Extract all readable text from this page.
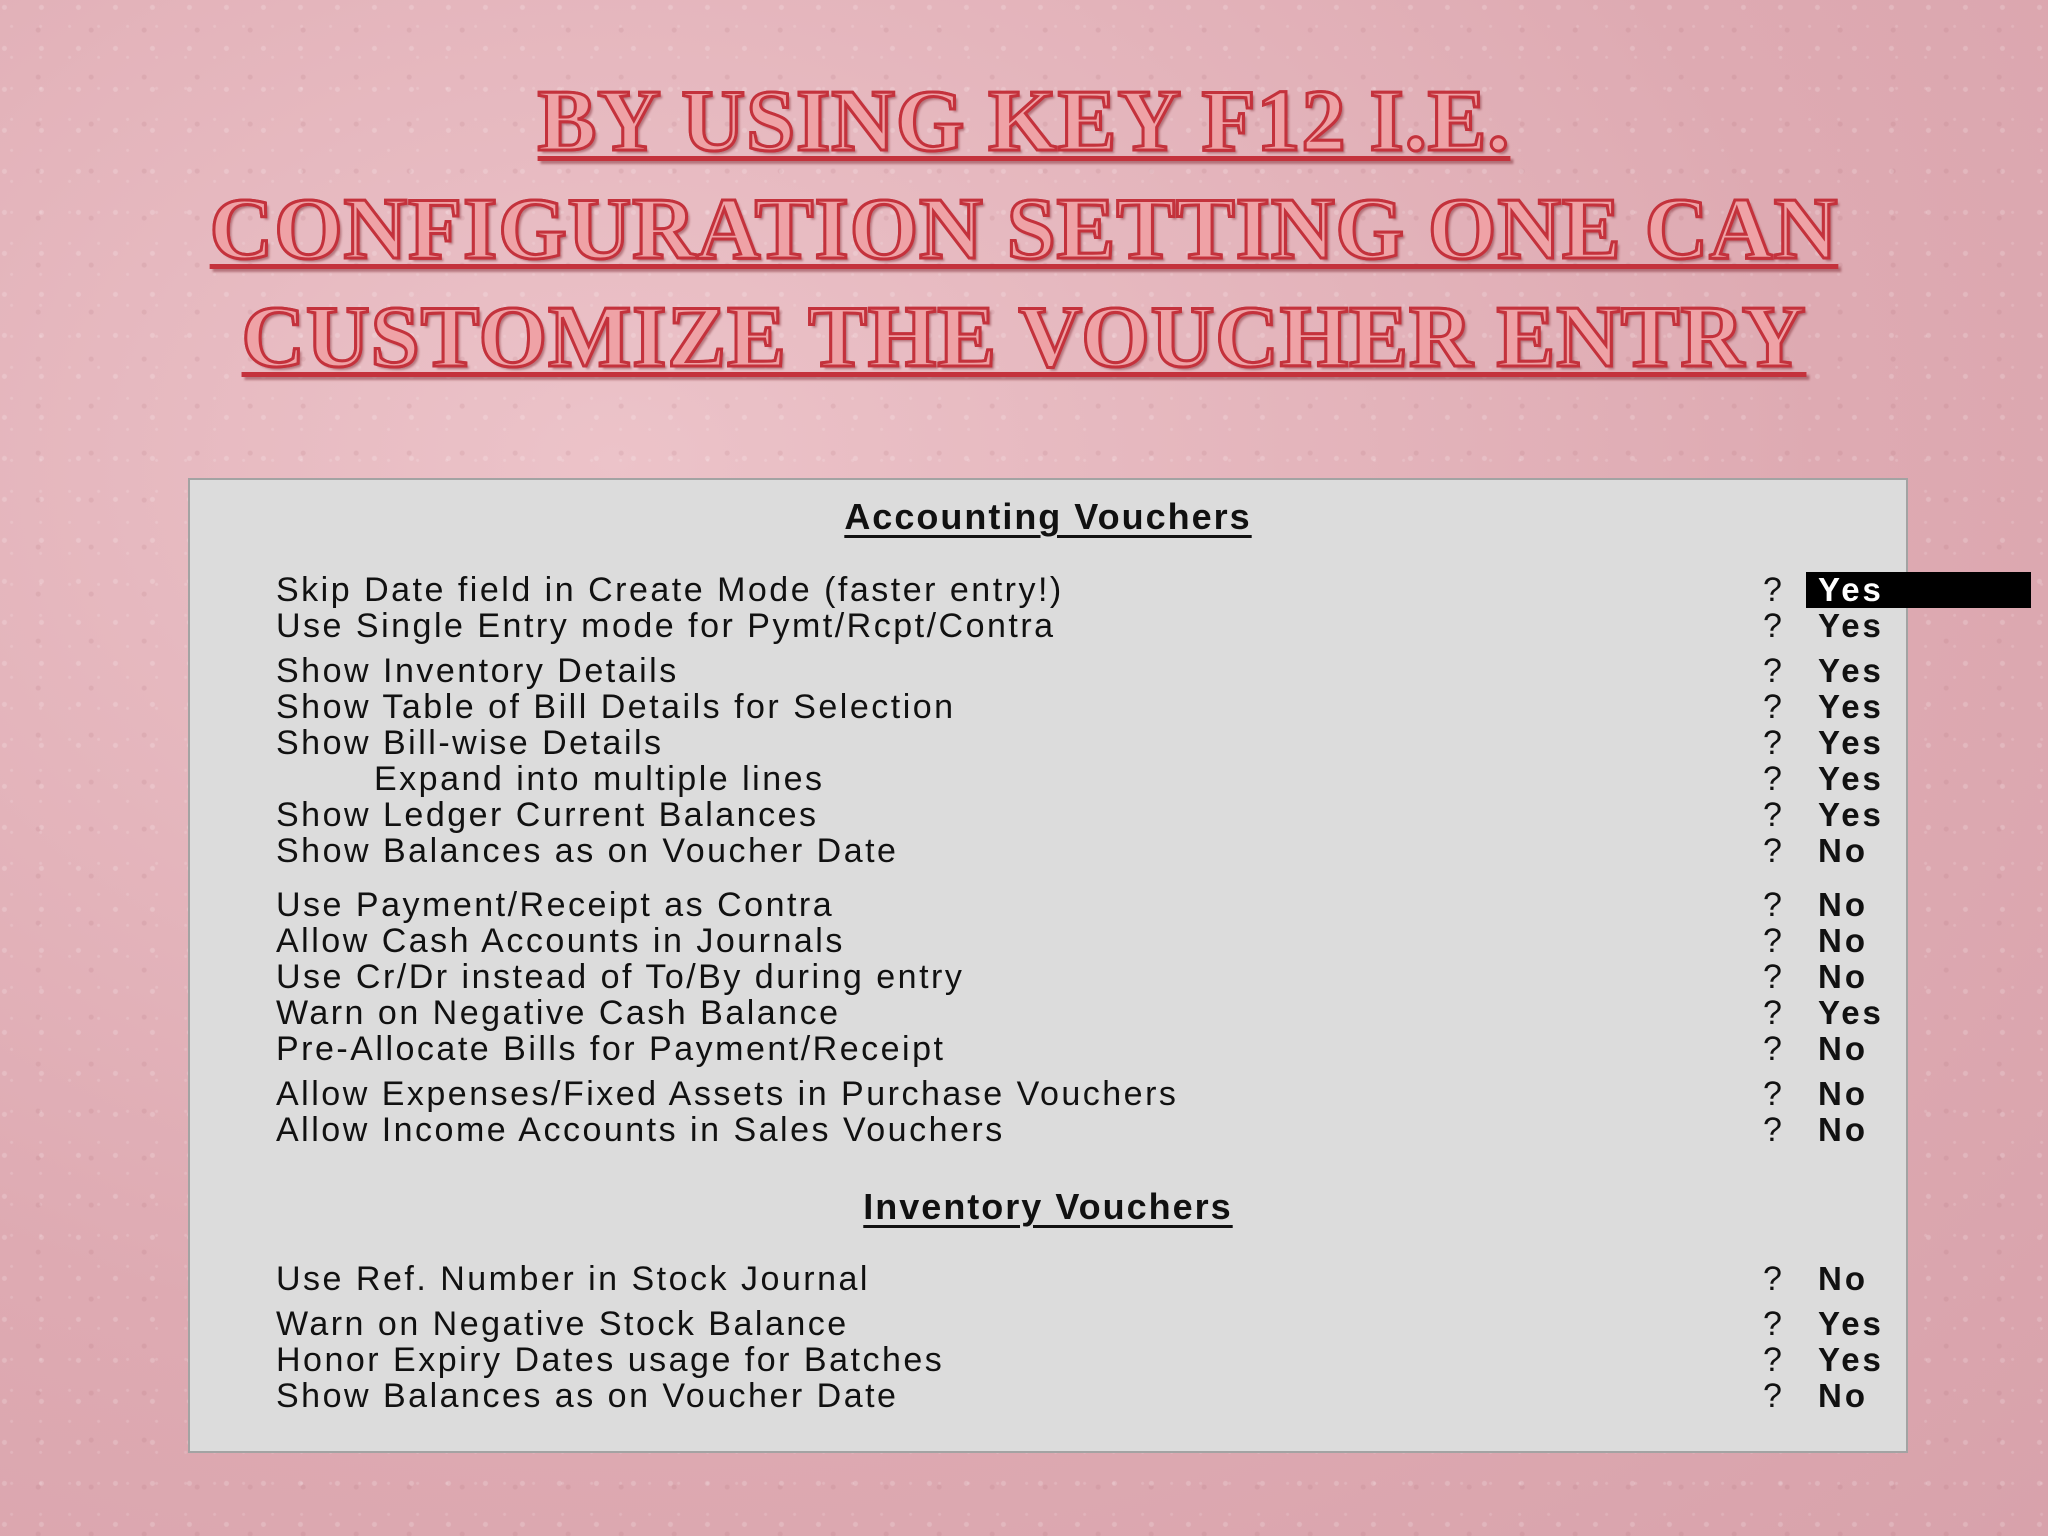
BY USING KEY F12 I.E.
CONFIGURATION SETTING ONE CAN
CUSTOMIZE THE VOUCHER ENTRY
Accounting Vouchers
Skip Date field in Create Mode (faster entry!)	?	Yes
Use Single Entry mode for Pymt/Rcpt/Contra	?	Yes
Show Inventory Details	?	Yes
Show Table of Bill Details for Selection	?	Yes
Show Bill-wise Details	?	Yes
Expand into multiple lines	?	Yes
Show Ledger Current Balances	?	Yes
Show Balances as on Voucher Date	?	No
Use Payment/Receipt as Contra	?	No
Allow Cash Accounts in Journals	?	No
Use Cr/Dr instead of To/By during entry	?	No
Warn on Negative Cash Balance	?	Yes
Pre-Allocate Bills for Payment/Receipt	?	No
Allow Expenses/Fixed Assets in Purchase Vouchers	?	No
Allow Income Accounts in Sales Vouchers	?	No
Inventory Vouchers
Use Ref. Number in Stock Journal	?	No
Warn on Negative Stock Balance	?	Yes
Honor Expiry Dates usage for Batches	?	Yes
Show Balances as on Voucher Date	?	No
